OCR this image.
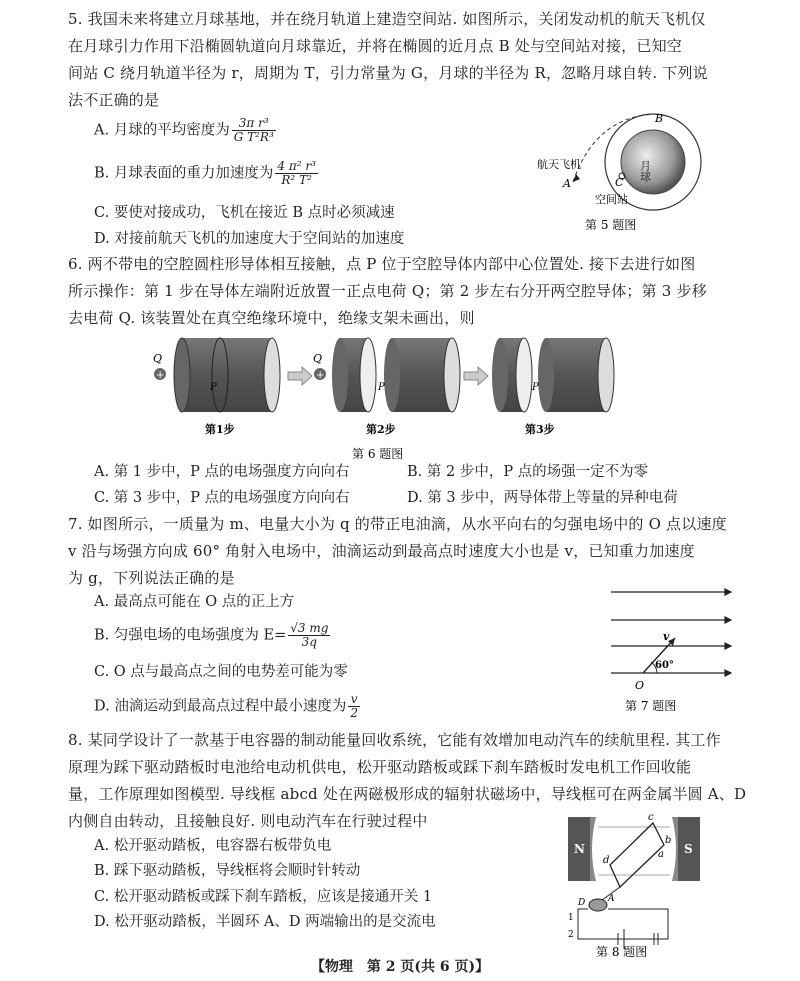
5. 我国未来将建立月球基地，并在绕月轨道上建造空间站. 如图所示，关闭发动机的航天飞机仅
在月球引力作用下沿椭圆轨道向月球靠近，并将在椭圆的近月点 B 处与空间站对接，已知空
间站 C 绕月轨道半径为 r，周期为 T，引力常量为 G，月球的半径为 R，忽略月球自转. 下列说
法不正确的是
A. 月球的平均密度为 $\frac{\text{3π r³}}{\text{G T²R³}}$
B. 月球表面的重力加速度为 $\frac{\text{4 π² r³}}{\text{R² T²}}$
C. 要使对接成功，飞机在接近 B 点时必须减速
D. 对接前航天飞机的加速度大于空间站的加速度
月球
航天飞机
空间站
A
B
C
第 5 题图
6. 两不带电的空腔圆柱形导体相互接触，点 P 位于空腔导体内部中心位置处. 接下去进行如图
所示操作：第 1 步在导体左端附近放置一正点电荷 Q；第 2 步左右分开两空腔导体；第 3 步移
去电荷 Q. 该装置处在真空绝缘环境中，绝缘支架未画出，则
+
Q
P
+
Q
P	P
第1步	第2步	第3步
第 6 题图
A. 第 1 步中，P 点的电场强度方向向右	B. 第 2 步中，P 点的场强一定不为零
C. 第 3 步中，P 点的电场强度方向向右	D. 第 3 步中，两导体带上等量的异种电荷
7. 如图所示，一质量为 m、电量大小为 q 的带正电油滴，从水平向右的匀强电场中的 O 点以速度
v 沿与场强方向成 60° 角射入电场中，油滴运动到最高点时速度大小也是 v，已知重力加速度
为 g，下列说法正确的是
A. 最高点可能在 O 点的正上方
B. 匀强电场的电场强度为 $E= \frac{√3 mg}{3q}$
C. O 点与最高点之间的电势差可能为零
D. 油滴运动到最高点过程中最小速度为 $\frac{v}{2}$
v
60°
O
第 7 题图
8. 某同学设计了一款基于电容器的制动能量回收系统，它能有效增加电动汽车的续航里程. 其工作
原理为踩下驱动踏板时电池给电动机供电，松开驱动踏板或踩下刹车踏板时发电机工作回收能
量，工作原理如图模型. 导线框 abcd 处在两磁极形成的辐射状磁场中，导线框可在两金属半圆 A、D
内侧自由转动，且接触良好. 则电动汽车在行驶过程中
A. 松开驱动踏板，电容器右板带负电
B. 踩下驱动踏板，导线框将会顺时针转动
C. 松开驱动踏板或踩下刹车踏板，应该是接通开关 1
D. 松开驱动踏板，半圆环 A、D 两端输出的是交流电
N	S
c
b
a
d
A
D
1
2
第 8 题图
【物理　第 2 页(共 6 页)】
